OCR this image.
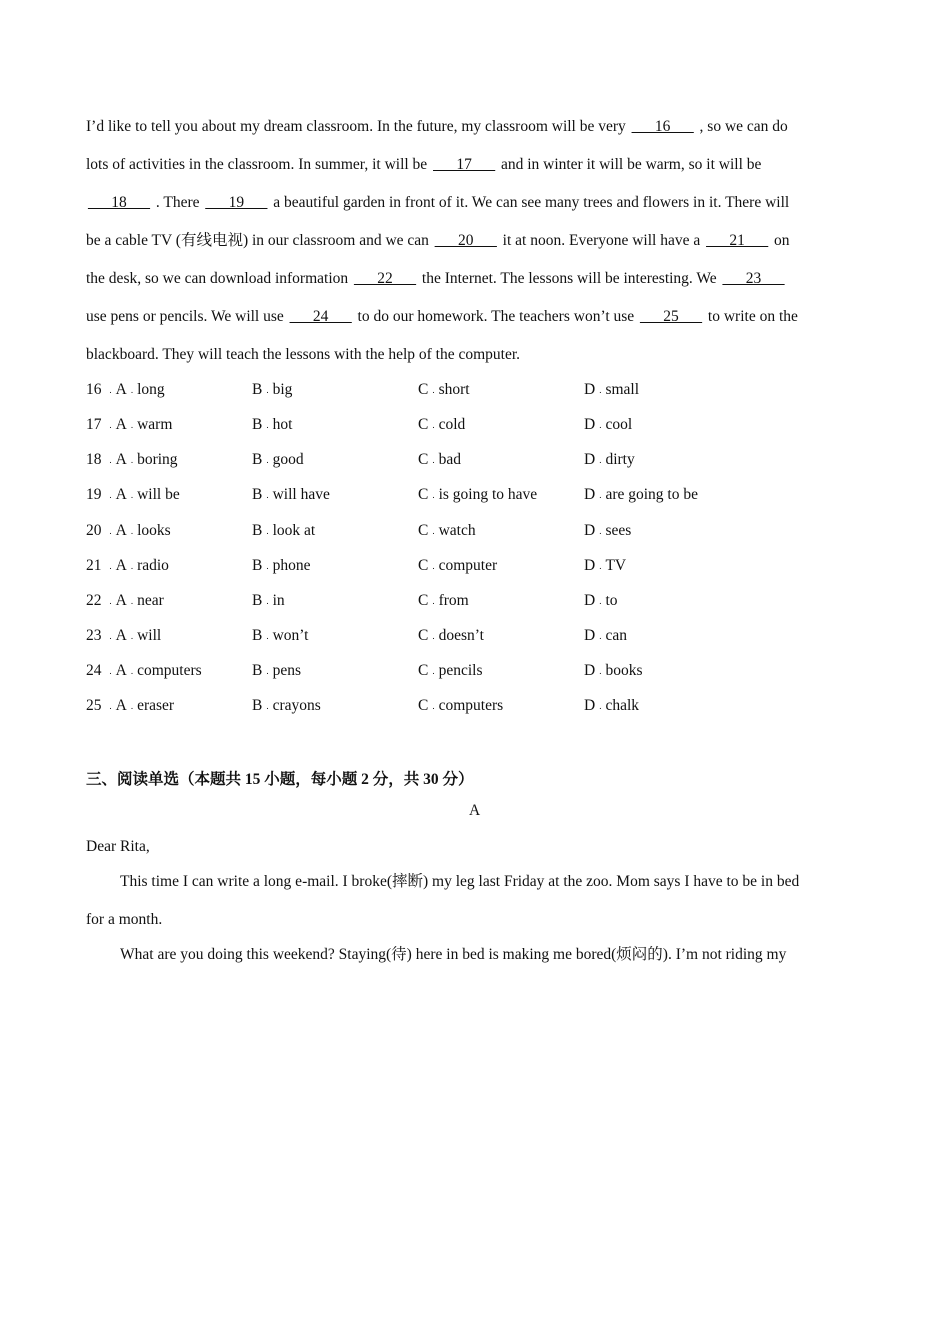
I’d like to tell you about my dream classroom. In the future, my classroom will be very ___16___ , so we can do
lots of activities in the classroom. In summer, it will be ___17___ and in winter it will be warm, so it will be
___18___ . There ___19___ a beautiful garden in front of it. We can see many trees and flowers in it. There will
be a cable TV (有线电视) in our classroom and we can ___20___ it at noon. Everyone will have a ___21___ on
the desk, so we can download information ___22___ the Internet. The lessons will be interesting. We ___23___
use pens or pencils. We will use ___24___ to do our homework. The teachers won’t use ___25___ to write on the
blackboard. They will teach the lessons with the help of the computer.
16 . A . long	B . big	C . short	D . small
17 . A . warm	B . hot	C . cold	D . cool
18 . A . boring	B . good	C . bad	D . dirty
19 . A . will be	B . will have	C . is going to have	D . are going to be
20 . A . looks	B . look at	C . watch	D . sees
21 . A . radio	B . phone	C . computer	D . TV
22 . A . near	B . in	C . from	D . to
23 . A . will	B . won’t	C . doesn’t	D . can
24 . A . computers	B . pens	C . pencils	D . books
25 . A . eraser	B . crayons	C . computers	D . chalk
三、阅读单选（本题共 15 小题，每小题 2 分，共 30 分）
A
Dear Rita,
This time I can write a long e-mail. I broke(摔断) my leg last Friday at the zoo. Mom says I have to be in bed
for a month.
What are you doing this weekend? Staying(待) here in bed is making me bored(烦闷的). I’m not riding my
